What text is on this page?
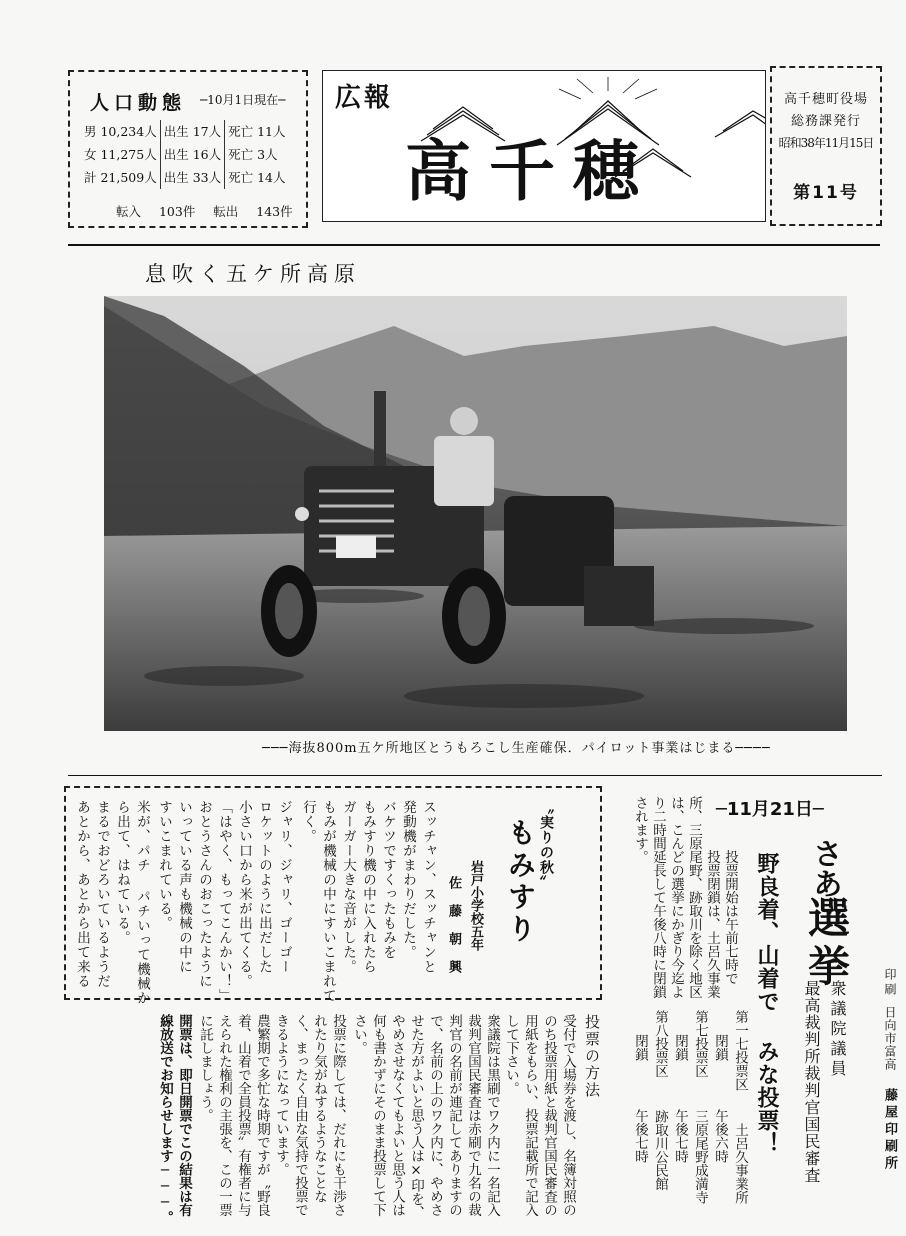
人口動態 ─10月1日現在─
男 10,234人	出生 17人	死亡 11人
女 11,275人	出生 16人	死亡 3人
計 21,509人	出生 33人	死亡 14人
転入 103件 転出 143件
広報
高千穂
高千穂町役場
総務課発行
昭和38年11月15日
第11号
息吹く五ケ所高原
───海抜800m五ケ所地区とうもろこし生産確保．パイロット事業はじまる────
〝実りの秋〟
もみすり
岩戸小学校五年
佐 藤 朝 興
スッチャン、スッチャンと
発動機がまわりだした。
バケツですくったもみを
もみすり機の中に入れたら
ガーガー大きな音がした。
もみが機械の中にすいこまれて
行く。
ジャリ、ジャリ、ゴーゴー
ロケットのように出だした
小さい口から米が出てくる。
「はやく、もってこんかい！」
おとうさんのおこったように
いっている声も機械の中に
すいこまれている。
米が、パチ パチいって機械か
ら出て、はねている。
まるでおどろいているようだ
あとから、あとから出て来る	─11月21日─
さあ
選挙
野良着、山着で みな投票！	衆議院議員
最高裁判所裁判官国民審査
投票開始は午前七時で
投票閉鎖は、土呂久事業
所、三原尾野、跡取川を除く地区
は、こんどの選挙にかぎり今迄よ
り二時間延長して午後八時に閉鎖
されます。
第一七投票区  土呂久事業所
閉鎖   午後六時
第七投票区  三原尾野成満寺
閉鎖   午後七時
第八投票区  跡取川公民館
閉鎖   午後七時
投票の方法
受付で入場券を渡し、名簿対照の
のち投票用紙と裁判官国民審査の
用紙をもらい、投票記載所で記入
して下さい。
衆議院は黒刷でワク内に一名記入
裁判官国民審査は赤刷で九名の裁
判官の名前が連記してありますの
で、名前の上のワク内に、やめさ
せた方がよいと思う人は×印を、
やめさせなくてもよいと思う人は
何も書かずにそのまま投票して下
さい。
投票に際しては、だれにも干渉さ
れたり気がねするようなことな
く、まったく自由な気持で投票で
きるようになっています。
農繁期で多忙な時期ですが〝野良
着、山着で全員投票〟有権者に与
えられた権利の主張を、この一票
に託しましょう。
開票は、即日開票でこの結果は有
線放送でお知らせします───。
印刷
日向市富高
藤屋印刷所
